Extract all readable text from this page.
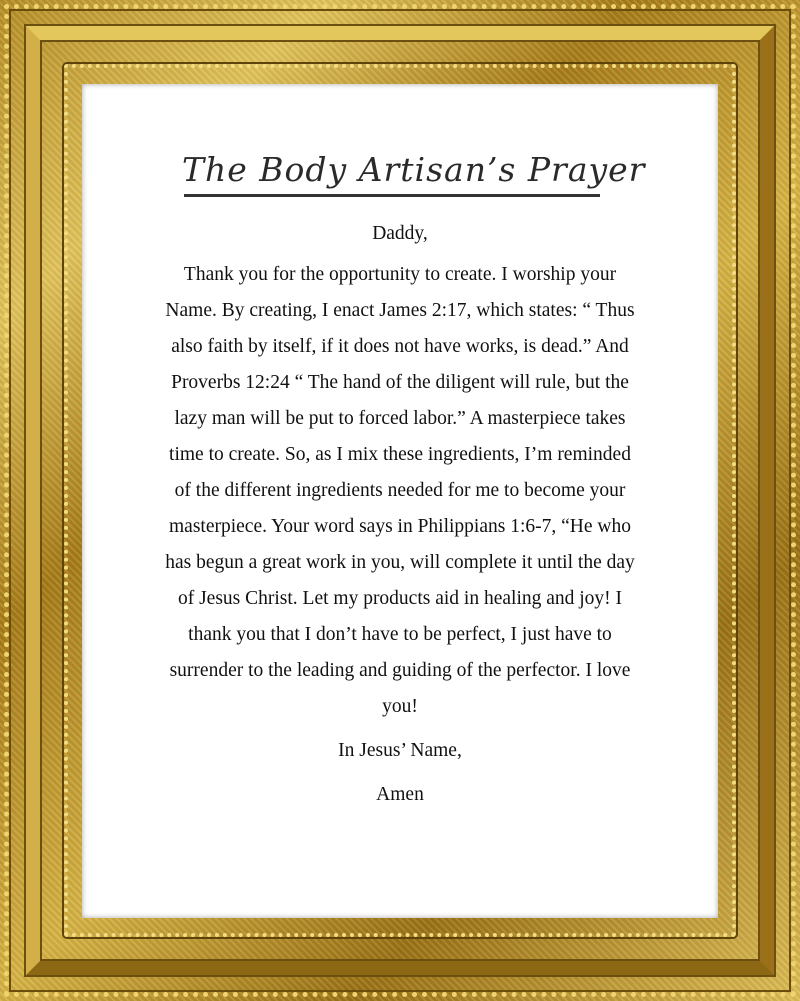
The Body Artisan’s Prayer
Daddy,
Thank you for the opportunity to create. I worship your
Name. By creating, I enact James 2:17, which states: “ Thus
also faith by itself, if it does not have works, is dead.” And
Proverbs 12:24 “ The hand of the diligent will rule, but the
lazy man will be put to forced labor.” A masterpiece takes
time to create. So, as I mix these ingredients, I’m reminded
of the different ingredients needed for me to become your
masterpiece. Your word says in Philippians 1:6-7, “He who
has begun a great work in you, will complete it until the day
of Jesus Christ. Let my products aid in healing and joy! I
thank you that I don’t have to be perfect, I just have to
surrender to the leading and guiding of the perfector. I love
you!
In Jesus’ Name,
Amen
